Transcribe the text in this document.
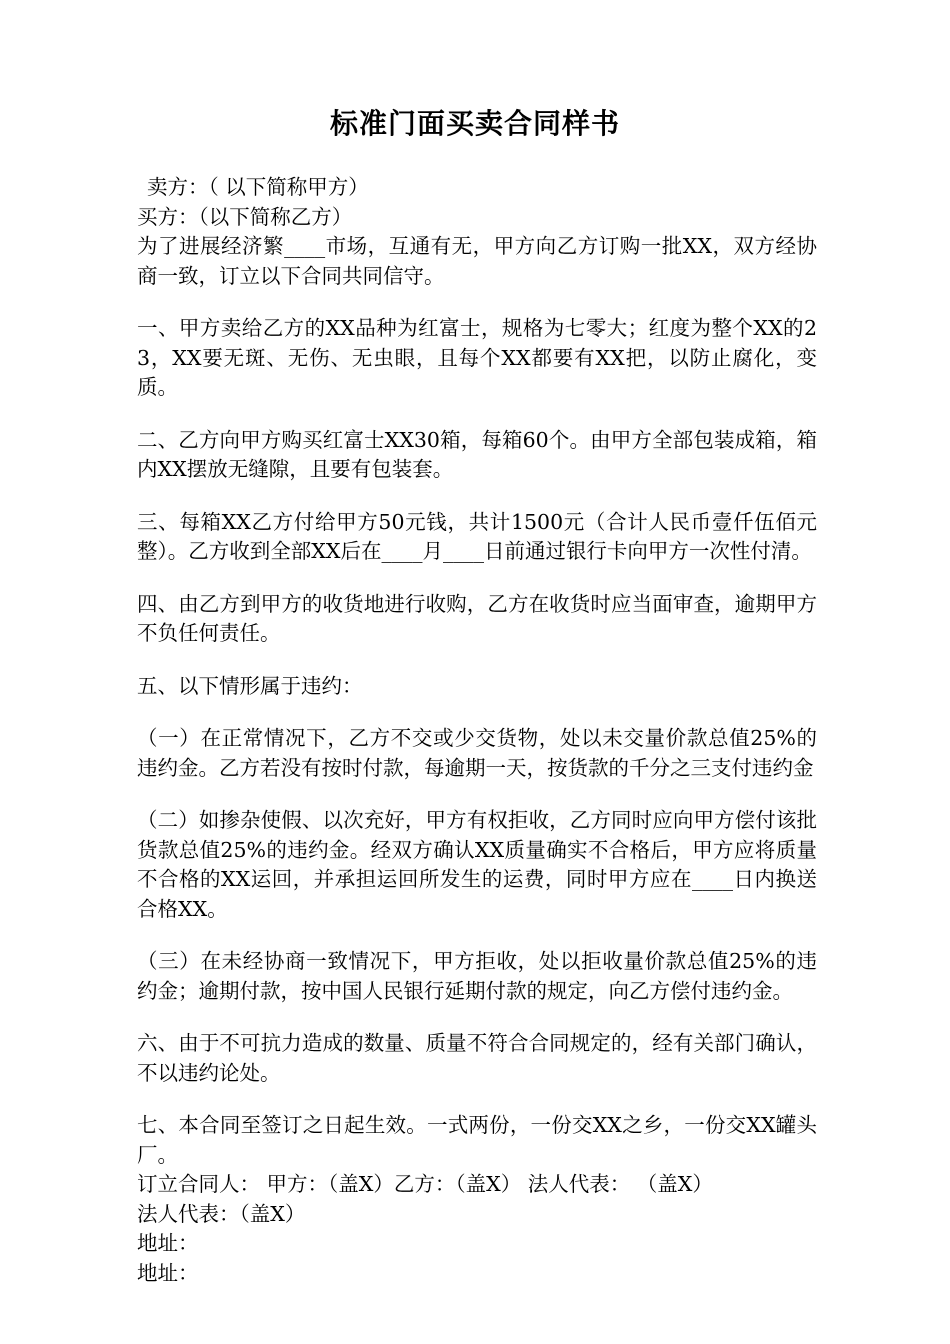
标准门面买卖合同样书

卖方：（ 以下简称甲方）

买方：（以下简称乙方）

为了进展经济繁____市场，互通有无，甲方向乙方订购一批XX，双方经协商一致，订立以下合同共同信守。

一、甲方卖给乙方的XX品种为红富士，规格为七零大；红度为整个XX的23，XX要无斑、无伤、无虫眼，且每个XX都要有XX把，以防止腐化，变质。

二、乙方向甲方购买红富士XX30箱，每箱60个。由甲方全部包装成箱，箱内XX摆放无缝隙，且要有包装套。

三、每箱XX乙方付给甲方50元钱，共计1500元（合计人民币壹仟伍佰元整）。乙方收到全部XX后在____月____日前通过银行卡向甲方一次性付清。

四、由乙方到甲方的收货地进行收购，乙方在收货时应当面审查，逾期甲方不负任何责任。

五、以下情形属于违约：

（一）在正常情况下，乙方不交或少交货物，处以未交量价款总值25%的违约金。乙方若没有按时付款，每逾期一天，按货款的千分之三支付违约金

（二）如掺杂使假、以次充好，甲方有权拒收，乙方同时应向甲方偿付该批货款总值25%的违约金。经双方确认XX质量确实不合格后，甲方应将质量不合格的XX运回，并承担运回所发生的运费，同时甲方应在____日内换送合格XX。

（三）在未经协商一致情况下，甲方拒收，处以拒收量价款总值25%的违约金；逾期付款，按中国人民银行延期付款的规定，向乙方偿付违约金。

六、由于不可抗力造成的数量、质量不符合合同规定的，经有关部门确认，不以违约论处。

七、本合同至签订之日起生效。一式两份，一份交XX之乡，一份交XX罐头厂。

订立合同人： 甲方：（盖X）乙方：（盖X） 法人代表： （盖X）

法人代表：（盖X）

地址：

地址：
